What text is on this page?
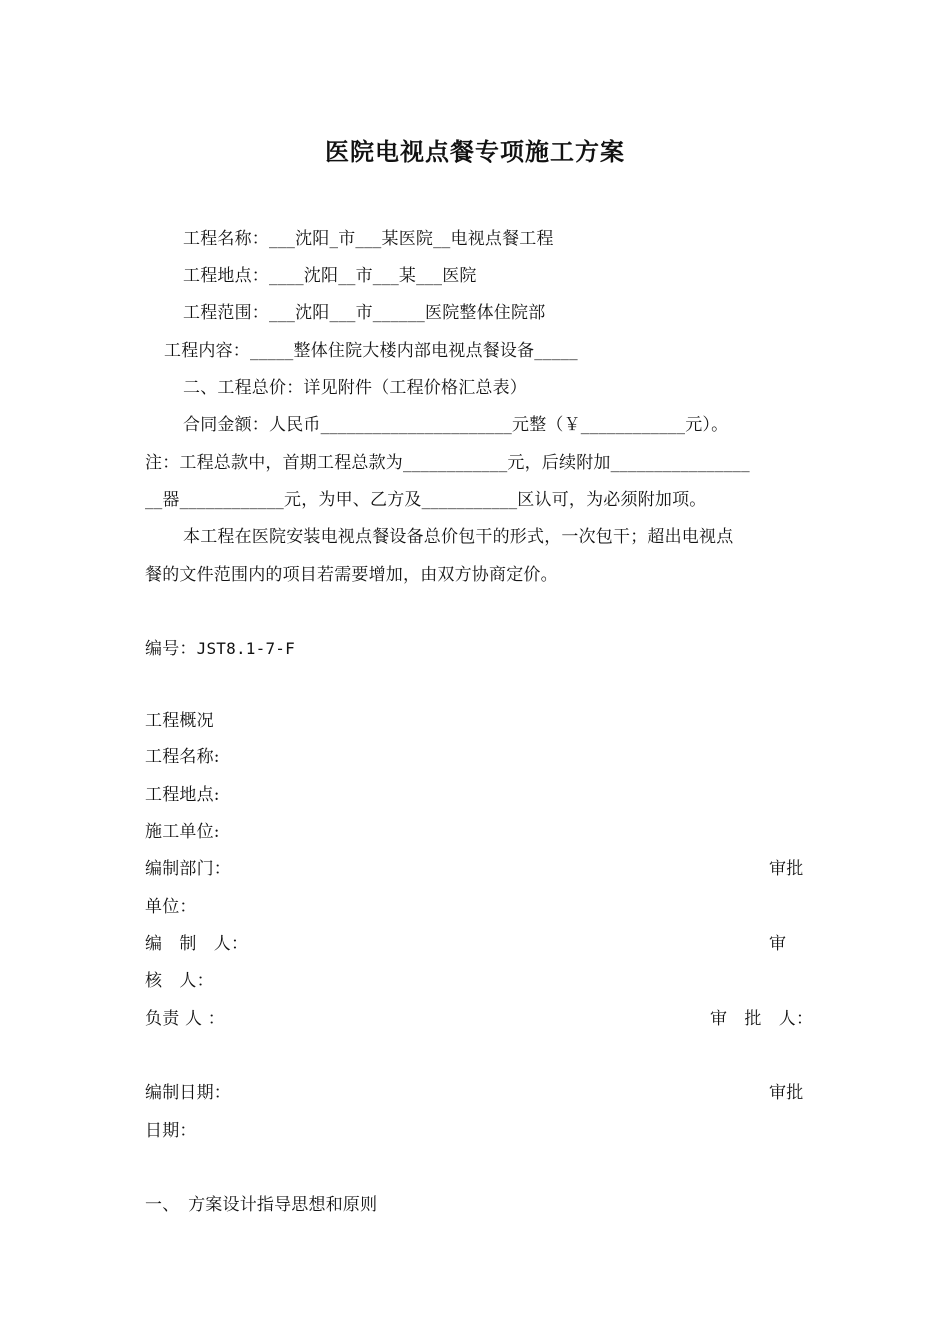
医院电视点餐专项施工方案
工程名称：___沈阳_市___某医院__电视点餐工程
工程地点：____沈阳__市___某___医院
工程范围：___沈阳___市______医院整体住院部
工程内容：_____整体住院大楼内部电视点餐设备_____
二、工程总价：详见附件（工程价格汇总表）
合同金额：人民币______________________元整（￥____________元）。
注：工程总款中，首期工程总款为____________元，后续附加________________
__器____________元，为甲、乙方及___________区认可，为必须附加项。
本工程在医院安装电视点餐设备总价包干的形式，一次包干；超出电视点
餐的文件范围内的项目若需要增加，由双方协商定价。
编号：JST8.1-7-F
工程概况
工程名称:
工程地点:
施工单位:
编制部门：	审批
单位：
编　制　人：	审
核　人：
负责 人 ：	审　批　人：
编制日期：	审批
日期：
一、　方案设计指导思想和原则
